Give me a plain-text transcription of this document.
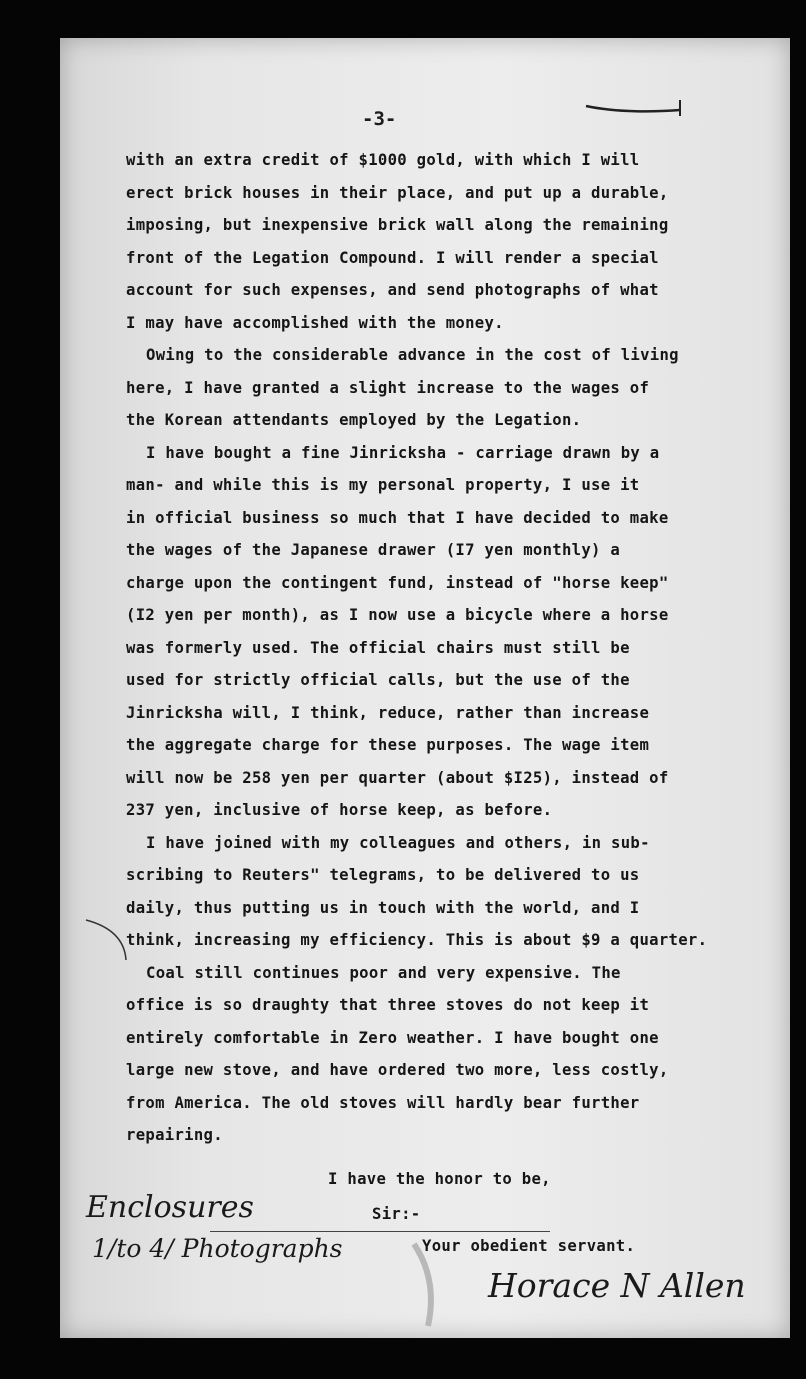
-3-
with an extra credit of $1000 gold, with which I will
erect brick houses in their place, and put up a durable,
imposing, but inexpensive brick wall along the remaining
front of the Legation Compound. I will render a special
account for such expenses, and send photographs of what
I may have accomplished with the money.
Owing to the considerable advance in the cost of living
here, I have granted a slight increase to the wages of
the Korean attendants employed by the Legation.
I have bought a fine Jinricksha - carriage drawn by a
man- and while this is my personal property, I use it
in official business so much that I have decided to make
the wages of the Japanese drawer (I7 yen monthly) a
charge upon the contingent fund, instead of "horse keep"
(I2 yen per month), as I now use a bicycle where a horse
was formerly used. The official chairs must still be
used for strictly official calls, but the use of the
Jinricksha will, I think, reduce, rather than increase
the aggregate charge for these purposes. The wage item
will now be 258 yen per quarter (about $I25), instead of
237 yen, inclusive of horse keep, as before.
I have joined with my colleagues and others, in sub-
scribing to Reuters" telegrams, to be delivered to us
daily, thus putting us in touch with the world, and I
think, increasing my efficiency. This is about $9 a quarter.
Coal still continues poor and very expensive. The
office is so draughty that three stoves do not keep it
entirely comfortable in Zero weather. I have bought one
large new stove, and have ordered two more, less costly,
from America. The old stoves will hardly bear further
repairing.
I have the honor to be,
Sir:-
Your obedient servant.
Enclosures
1/to 4/ Photographs
Horace N Allen
